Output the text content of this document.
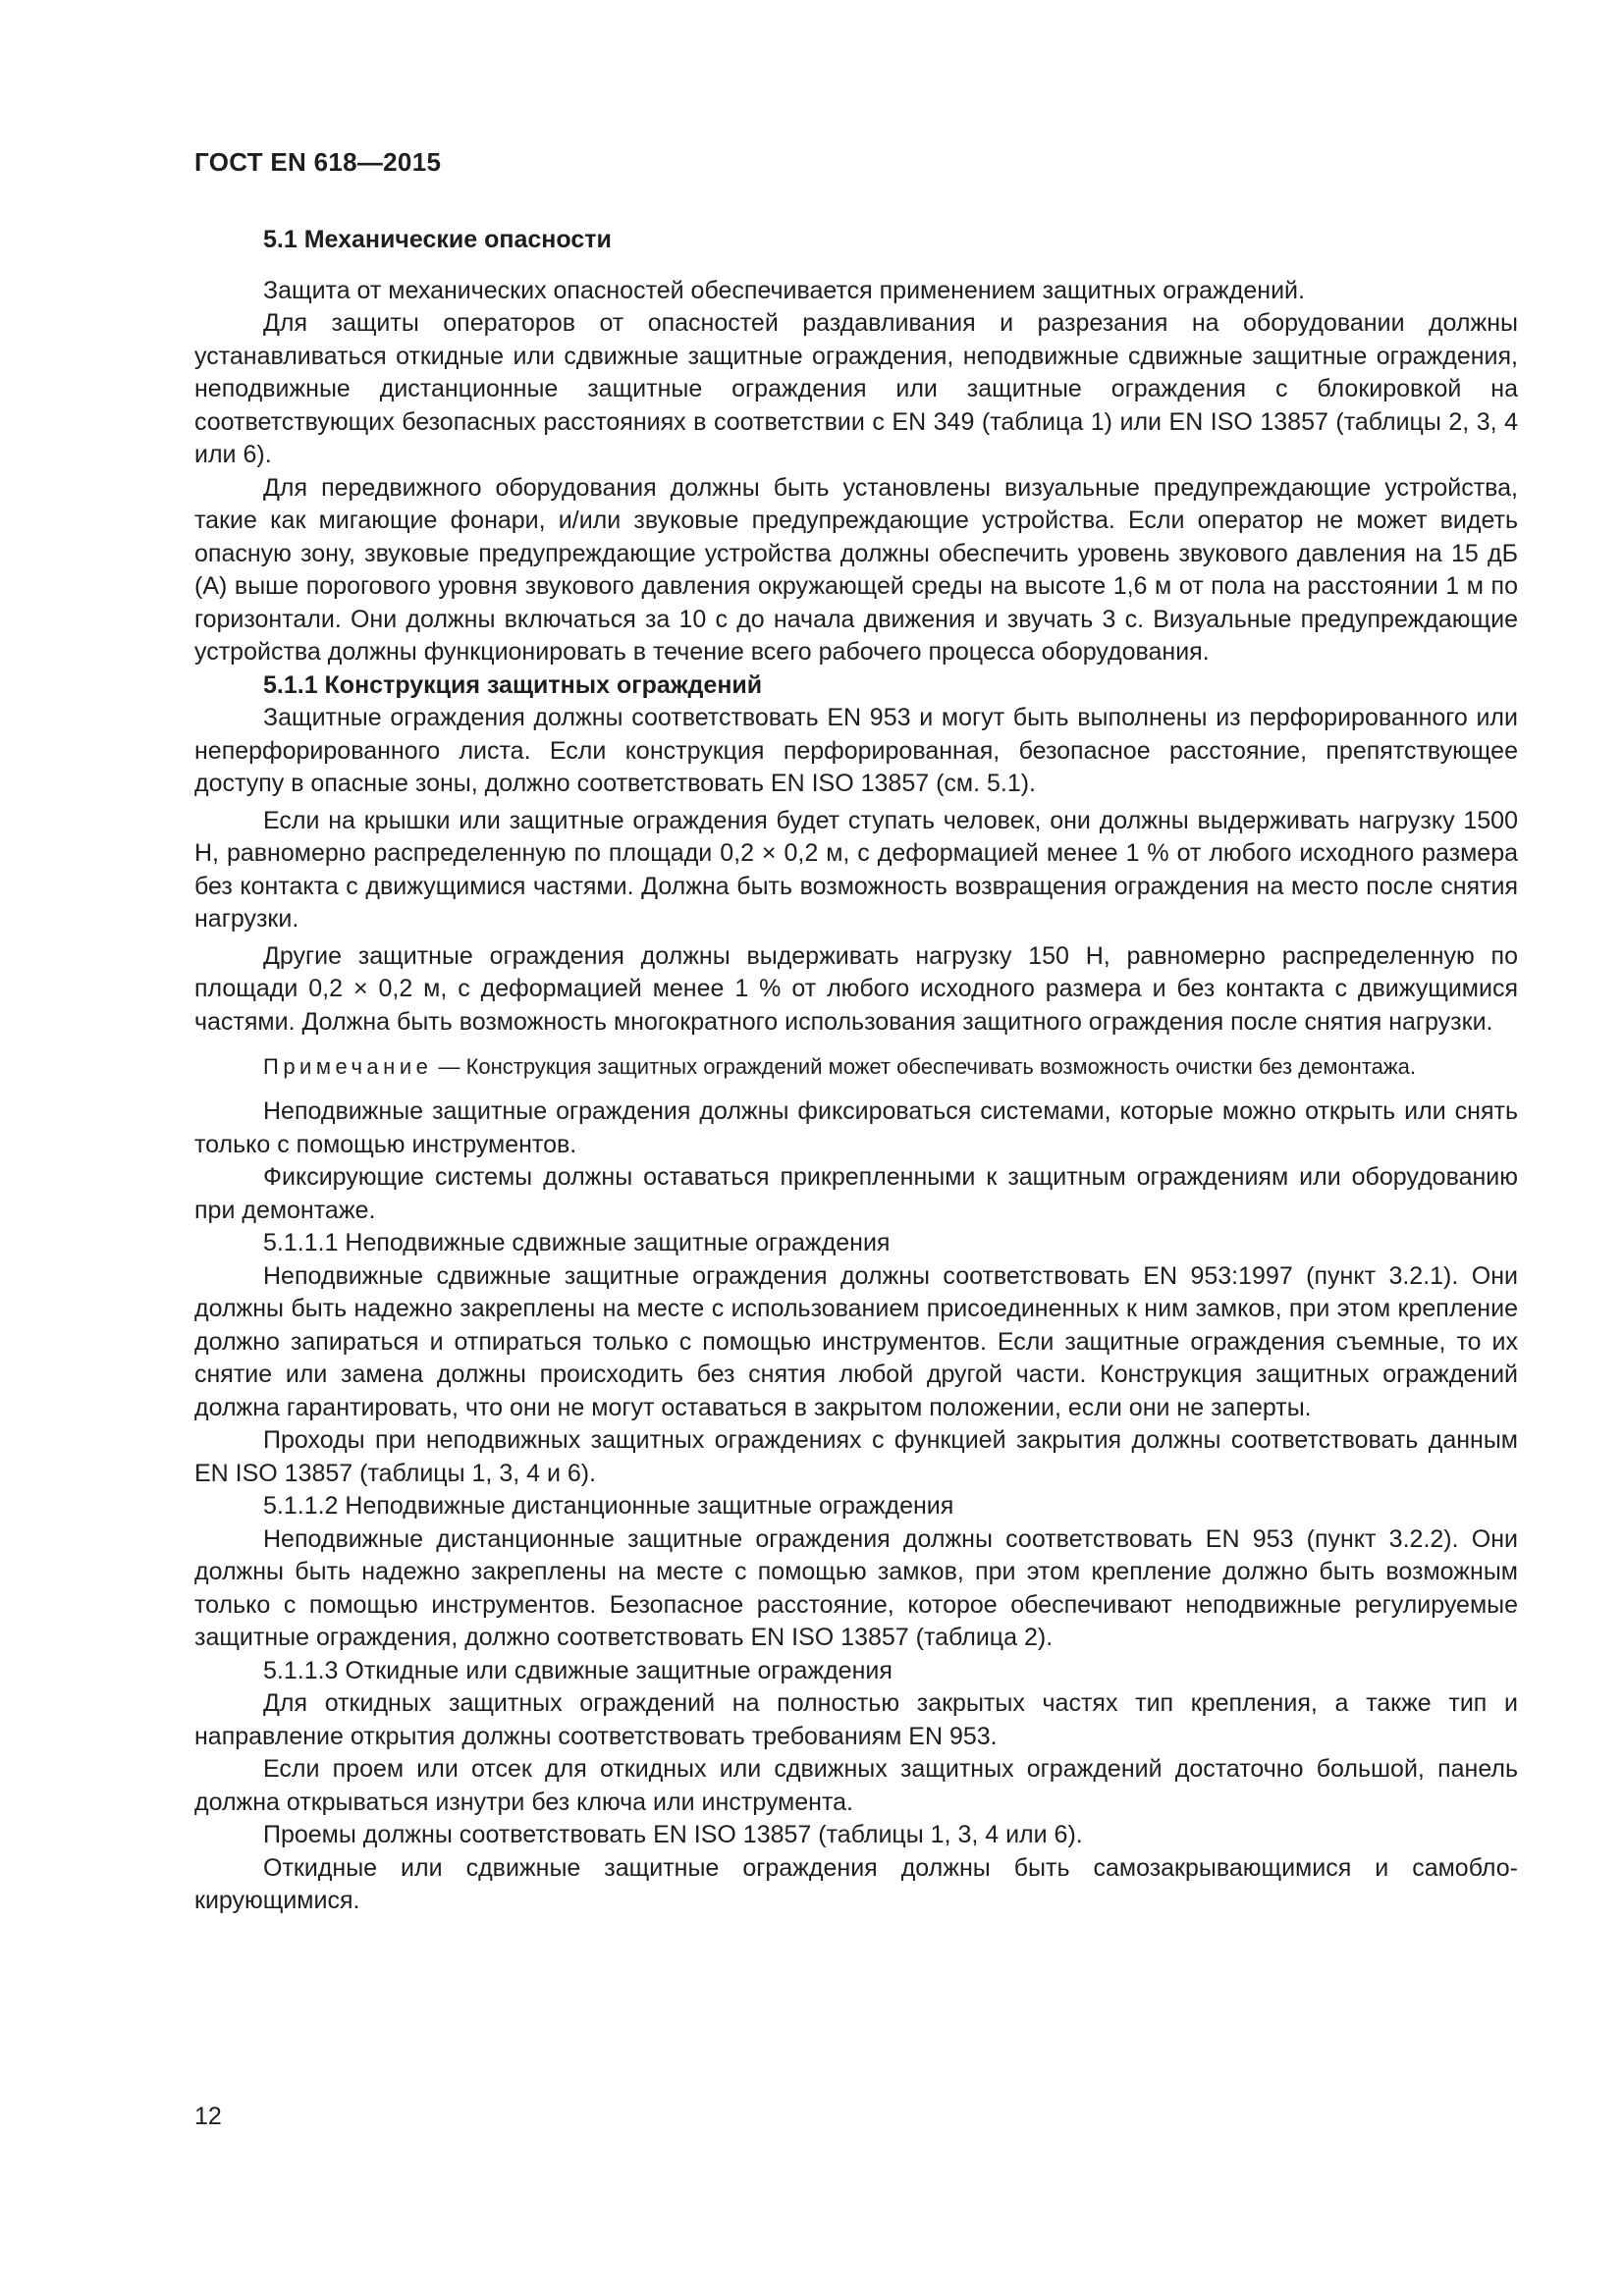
ГОСТ EN 618—2015

5.1 Механические опасности

Защита от механических опасностей обеспечивается применением защитных ограждений.

Для защиты операторов от опасностей раздавливания и разрезания на оборудовании должны устанавливаться откидные или сдвижные защитные ограждения, неподвижные сдвижные защитные ограждения, неподвижные дистанционные защитные ограждения или защитные ограждения с блокировкой на соответствующих безопасных расстояниях в соответствии с EN 349 (таблица 1) или EN ISO 13857 (таблицы 2, 3, 4 или 6).

Для передвижного оборудования должны быть установлены визуальные предупреждающие устройства, такие как мигающие фонари, и/или звуковые предупреждающие устройства. Если оператор не может видеть опасную зону, звуковые предупреждающие устройства должны обеспечить уровень звукового давления на 15 дБ (А) выше порогового уровня звукового давления окружающей среды на высоте 1,6 м от пола на расстоянии 1 м по горизонтали. Они должны включаться за 10 с до начала движения и звучать 3 с. Визуальные предупреждающие устройства должны функционировать в течение всего рабочего процесса оборудования.

5.1.1 Конструкция защитных ограждений

Защитные ограждения должны соответствовать EN 953 и могут быть выполнены из перфорированного или неперфорированного листа. Если конструкция перфорированная, безопасное расстояние, препятствующее доступу в опасные зоны, должно соответствовать EN ISO 13857 (см. 5.1).

Если на крышки или защитные ограждения будет ступать человек, они должны выдерживать нагрузку 1500 Н, равномерно распределенную по площади 0,2 × 0,2 м, с деформацией менее 1 % от любого исходного размера без контакта с движущимися частями. Должна быть возможность возвращения ограждения на место после снятия нагрузки.

Другие защитные ограждения должны выдерживать нагрузку 150 Н, равномерно распределенную по площади 0,2 × 0,2 м, с деформацией менее 1 % от любого исходного размера и без контакта с движущимися частями. Должна быть возможность многократного использования защитного ограждения после снятия нагрузки.

Примечание — Конструкция защитных ограждений может обеспечивать возможность очистки без демонтажа.

Неподвижные защитные ограждения должны фиксироваться системами, которые можно открыть или снять только с помощью инструментов.

Фиксирующие системы должны оставаться прикрепленными к защитным ограждениям или оборудованию при демонтаже.

5.1.1.1 Неподвижные сдвижные защитные ограждения

Неподвижные сдвижные защитные ограждения должны соответствовать EN 953:1997 (пункт 3.2.1). Они должны быть надежно закреплены на месте с использованием присоединенных к ним замков, при этом крепление должно запираться и отпираться только с помощью инструментов. Если защитные ограждения съемные, то их снятие или замена должны происходить без снятия любой другой части. Конструкция защитных ограждений должна гарантировать, что они не могут оставаться в закрытом положении, если они не заперты.

Проходы при неподвижных защитных ограждениях с функцией закрытия должны соответствовать данным EN ISO 13857 (таблицы 1, 3, 4 и 6).

5.1.1.2 Неподвижные дистанционные защитные ограждения

Неподвижные дистанционные защитные ограждения должны соответствовать EN 953 (пункт 3.2.2). Они должны быть надежно закреплены на месте с помощью замков, при этом крепление должно быть возможным только с помощью инструментов. Безопасное расстояние, которое обеспечивают неподвижные регулируемые защитные ограждения, должно соответствовать EN ISO 13857 (таблица 2).

5.1.1.3 Откидные или сдвижные защитные ограждения

Для откидных защитных ограждений на полностью закрытых частях тип крепления, а также тип и направление открытия должны соответствовать требованиям EN 953.

Если проем или отсек для откидных или сдвижных защитных ограждений достаточно большой, панель должна открываться изнутри без ключа или инструмента.

Проемы должны соответствовать EN ISO 13857 (таблицы 1, 3, 4 или 6).

Откидные или сдвижные защитные ограждения должны быть самозакрывающимися и самоблокирующимися.

12
